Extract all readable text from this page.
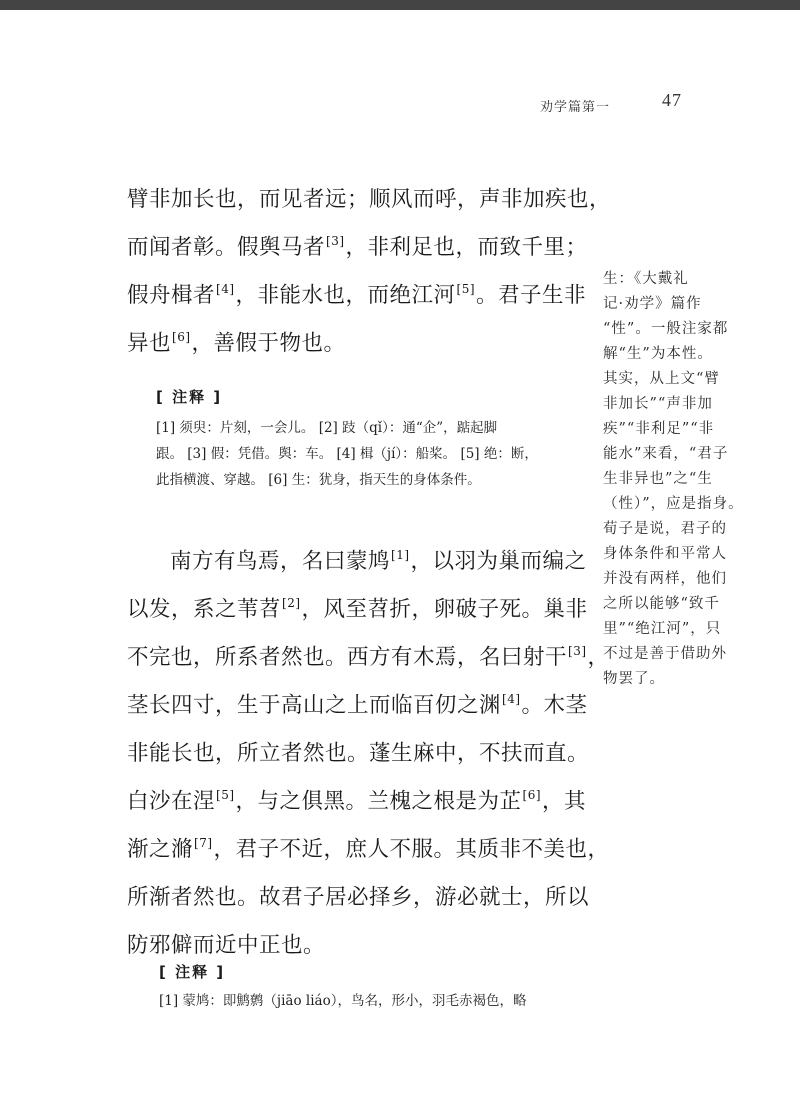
劝学篇第一	47

臂非加长也，而见者远；顺风而呼，声非加疾也，
而闻者彰。假舆马者[3]，非利足也，而致千里；
假舟楫者[4]，非能水也，而绝江河[5]。君子生非
异也[6]，善假于物也。

[ 注释 ]
[1] 须臾：片刻，一会儿。 [2] 跂（qǐ）：通“企”，踮起脚
跟。 [3] 假：凭借。舆：车。 [4] 楫（jí）：船桨。 [5] 绝：断，
此指横渡、穿越。 [6] 生：犹身，指天生的身体条件。

南方有鸟焉，名曰蒙鸠[1]，以羽为巢而编之
以发，系之苇苕[2]，风至苕折，卵破子死。巢非
不完也，所系者然也。西方有木焉，名曰射干[3]，
茎长四寸，生于高山之上而临百仞之渊[4]。木茎
非能长也，所立者然也。蓬生麻中，不扶而直。
白沙在涅[5]，与之俱黑。兰槐之根是为芷[6]，其
渐之滫[7]，君子不近，庶人不服。其质非不美也，
所渐者然也。故君子居必择乡，游必就士，所以
防邪僻而近中正也。

[ 注释 ]
[1] 蒙鸠：即鹪鹩（jiāo liáo），鸟名，形小，羽毛赤褐色，略
生：《大戴礼
记·劝学》篇作
“性”。一般注家都
解“生”为本性。
其实，从上文“臂
非加长”“声非加
疾”“非利足”“非
能水”来看，“君子
生非异也”之“生
（性）”，应是指身。
荀子是说，君子的
身体条件和平常人
并没有两样，他们
之所以能够“致千
里”“绝江河”，只
不过是善于借助外
物罢了。
